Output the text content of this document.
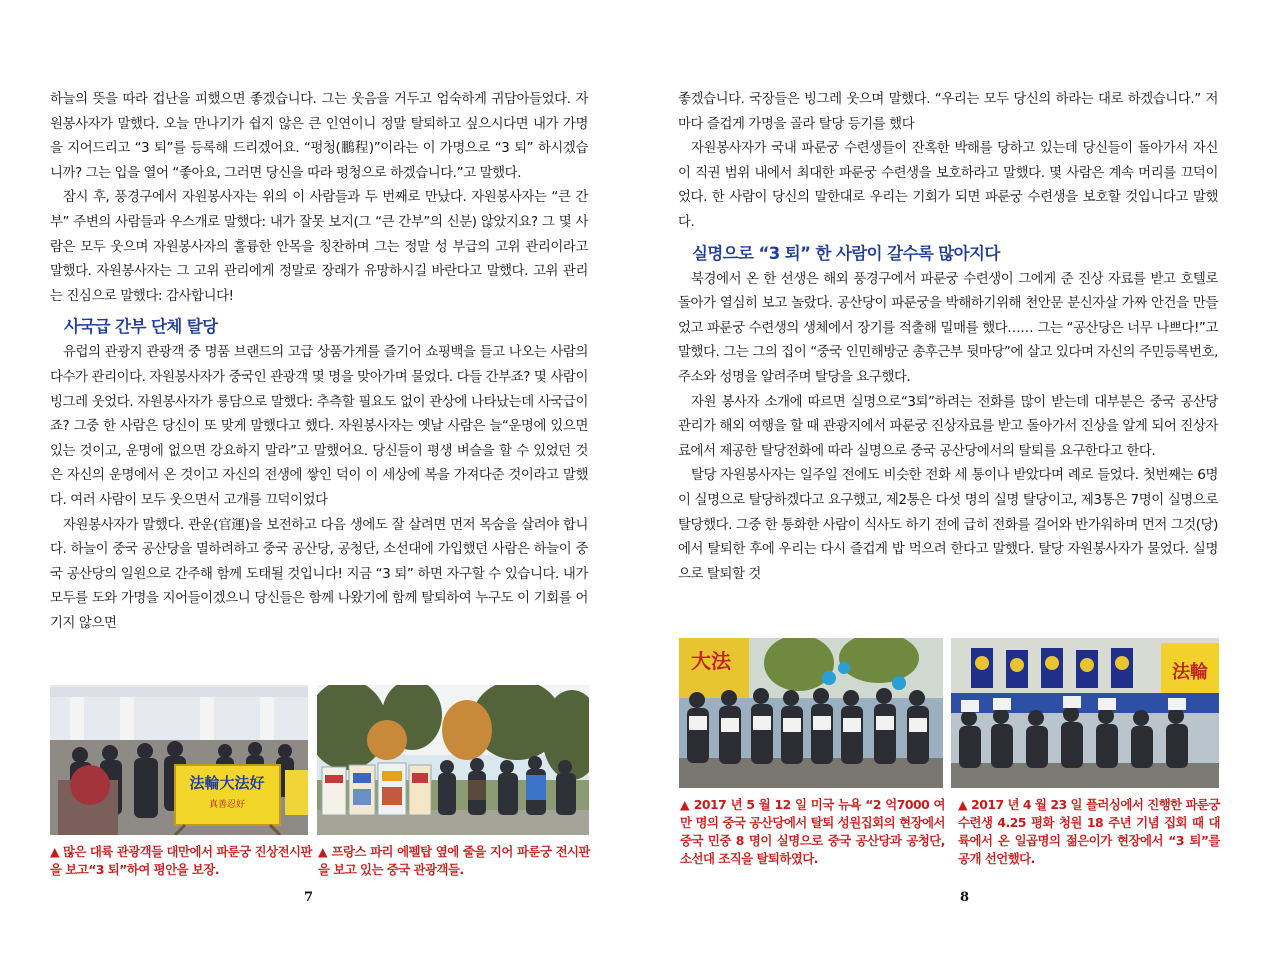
하늘의 뜻을 따라 겁난을 피했으면 좋겠습니다. 그는 웃음을 거두고 엄숙하게 귀담아들었다. 자원봉사자가 말했다. 오늘 만나기가 쉽지 않은 큰 인연이니 정말 탈퇴하고 싶으시다면 내가 가명을 지어드리고 “3 퇴”를 등록해 드리겠어요. “펑청(鵬程)”이라는 이 가명으로 “3 퇴” 하시겠습니까? 그는 입을 열어 “좋아요, 그러면 당신을 따라 펑청으로 하겠습니다.”고 말했다.

잠시 후, 풍경구에서 자원봉사자는 위의 이 사람들과 두 번째로 만났다. 자원봉사자는 “큰 간부” 주변의 사람들과 우스개로 말했다: 내가 잘못 보지(그 “큰 간부”의 신분) 않았지요? 그 몇 사람은 모두 웃으며 자원봉사자의 훌륭한 안목을 칭찬하며 그는 정말 성 부급의 고위 관리이라고 말했다. 자원봉사자는 그 고위 관리에게 정말로 장래가 유망하시길 바란다고 말했다. 고위 관리는 진심으로 말했다: 감사합니다!

사국급 간부 단체 탈당

유럽의 관광지 관광객 중 명품 브랜드의 고급 상품가게를 즐기어 쇼핑백을 들고 나오는 사람의 다수가 관리이다. 자원봉사자가 중국인 관광객 몇 명을 맞아가며 물었다. 다들 간부죠? 몇 사람이 빙그레 웃었다. 자원봉사자가 롱담으로 말했다: 추측할 필요도 없이 관상에 나타났는데 사국급이죠? 그중 한 사람은 당신이 또 맞게 말했다고 했다. 자원봉사자는 옛날 사람은 늘“운명에 있으면 있는 것이고, 운명에 없으면 강요하지 말라”고 말했어요. 당신들이 평생 벼슬을 할 수 있었던 것은 자신의 운명에서 온 것이고 자신의 전생에 쌓인 덕이 이 세상에 복을 가져다준 것이라고 말했다. 여러 사람이 모두 웃으면서 고개를 끄덕이었다

자원봉사자가 말했다. 관운(官運)을 보전하고 다음 생에도 잘 살려면 먼저 목숨을 살려야 합니다. 하늘이 중국 공산당을 멸하려하고 중국 공산당, 공청단, 소선대에 가입했던 사람은 하늘이 중국 공산당의 일원으로 간주해 함께 도태될 것입니다! 지금 “3 퇴” 하면 자구할 수 있습니다. 내가 모두를 도와 가명을 지어들이겠으니 당신들은 함께 나왔기에 함께 탈퇴하여 누구도 이 기회를 어기지 않으면

法輪大法好
真善忍好
▲ 많은 대륙 관광객들 대만에서 파룬궁 진상전시판을 보고“3 퇴”하여 평안을 보장.
▲ 프랑스 파리 에펠탑 옆에 줄을 지어 파룬궁 전시판을 보고 있는 중국 관광객들.
7

좋겠습니다. 국장들은 빙그레 웃으며 말했다. “우리는 모두 당신의 하라는 대로 하겠습니다.” 저마다 즐겁게 가명을 골라 탈당 등기를 했다

자원봉사자가 국내 파룬궁 수련생들이 잔혹한 박해를 당하고 있는데 당신들이 돌아가서 자신이 직권 범위 내에서 최대한 파룬궁 수련생을 보호하라고 말했다. 몇 사람은 계속 머리를 끄덕이었다. 한 사람이 당신의 말한대로 우리는 기회가 되면 파룬궁 수련생을 보호할 것입니다고 말했다.

실명으로 “3 퇴” 한 사람이 갈수록 많아지다

북경에서 온 한 선생은 해외 풍경구에서 파룬궁 수련생이 그에게 준 진상 자료를 받고 호텔로 돌아가 열심히 보고 놀랐다. 공산당이 파룬궁을 박해하기위해 천안문 분신자살 가짜 안건을 만들었고 파룬궁 수련생의 생체에서 장기를 적출해 밀매를 했다…… 그는 “공산당은 너무 나쁘다!”고 말했다. 그는 그의 집이 “중국 인민해방군 총후근부 뒷마당”에 살고 있다며 자신의 주민등록번호, 주소와 성명을 알려주며 탈당을 요구했다.

자원 봉사자 소개에 따르면 실명으로“3퇴”하려는 전화를 많이 받는데 대부분은 중국 공산당 관리가 해외 여행을 할 때 관광지에서 파룬궁 진상자료를 받고 돌아가서 진상을 알게 되어 진상자료에서 제공한 탈당전화에 따라 실명으로 중국 공산당에서의 탈퇴를 요구한다고 한다.

탈당 자원봉사자는 일주일 전에도 비슷한 전화 세 통이나 받았다며 례로 들었다. 첫번째는 6명이 실명으로 탈당하겠다고 요구했고, 제2통은 다섯 명의 실명 탈당이고, 제3통은 7명이 실명으로 탈당했다. 그중 한 통화한 사람이 식사도 하기 전에 급히 전화를 걸어와 반가워하며 먼저 그것(당)에서 탈퇴한 후에 우리는 다시 즐겁게 밥 먹으려 한다고 말했다. 탈당 자원봉사자가 물었다. 실명으로 탈퇴할 것

大法	法輪
▲ 2017 년 5 월 12 일 미국 뉴욕 “2 억7000 여만 명의 중국 공산당에서 탈퇴 성원집회의 현장에서 중국 민중 8 명이 실명으로 중국 공산당과 공청단, 소선대 조직을 탈퇴하였다.
▲ 2017 년 4 월 23 일 플러싱에서 진행한 파룬궁 수련생 4.25 평화 청원 18 주년 기념 집회 때 대륙에서 온 일곱명의 젊은이가 현장에서 “3 퇴”를 공개 선언했다.
8
